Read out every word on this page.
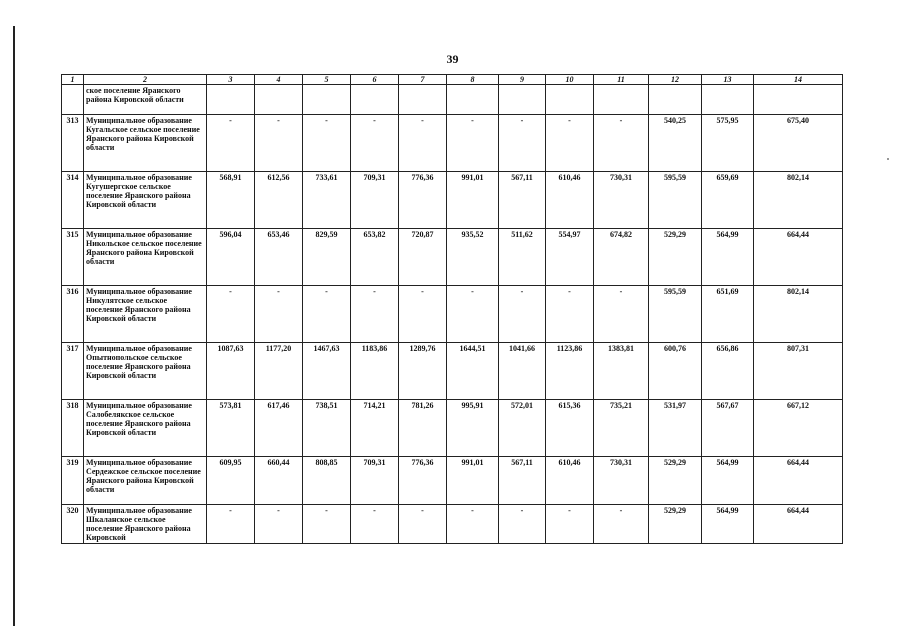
39
1	2	3	4	5	6	7	8	9	10	11	12	13	14
	ское поселение Яранского района Кировской области												
313	Муниципальное образование Кугальское сельское поселение Яранского района Кировской области	-	-	-	-	-	-	-	-	-	540,25	575,95	675,40
314	Муниципальное образование Кугушергское сельское поселение Яранского района Кировской области	568,91	612,56	733,61	709,31	776,36	991,01	567,11	610,46	730,31	595,59	659,69	802,14
315	Муниципальное образование Никольское сельское поселение Яранского района Кировской области	596,04	653,46	829,59	653,82	720,87	935,52	511,62	554,97	674,82	529,29	564,99	664,44
316	Муниципальное образование Никулятское сельское поселение Яранского района Кировской области	-	-	-	-	-	-	-	-	-	595,59	651,69	802,14
317	Муниципальное образование Опытнопольское сельское поселение Яранского района Кировской области	1087,63	1177,20	1467,63	1183,86	1289,76	1644,51	1041,66	1123,86	1383,81	600,76	656,86	807,31
318	Муниципальное образование Салобелякское сельское поселение Яранского района Кировской области	573,81	617,46	738,51	714,21	781,26	995,91	572,01	615,36	735,21	531,97	567,67	667,12
319	Муниципальное образование Сердежское сельское поселение Яранского района Кировской области	609,95	660,44	808,85	709,31	776,36	991,01	567,11	610,46	730,31	529,29	564,99	664,44
320	Муниципальное образование Шкаланское сельское поселение Яранского района Кировской	-	-	-	-	-	-	-	-	-	529,29	564,99	664,44
